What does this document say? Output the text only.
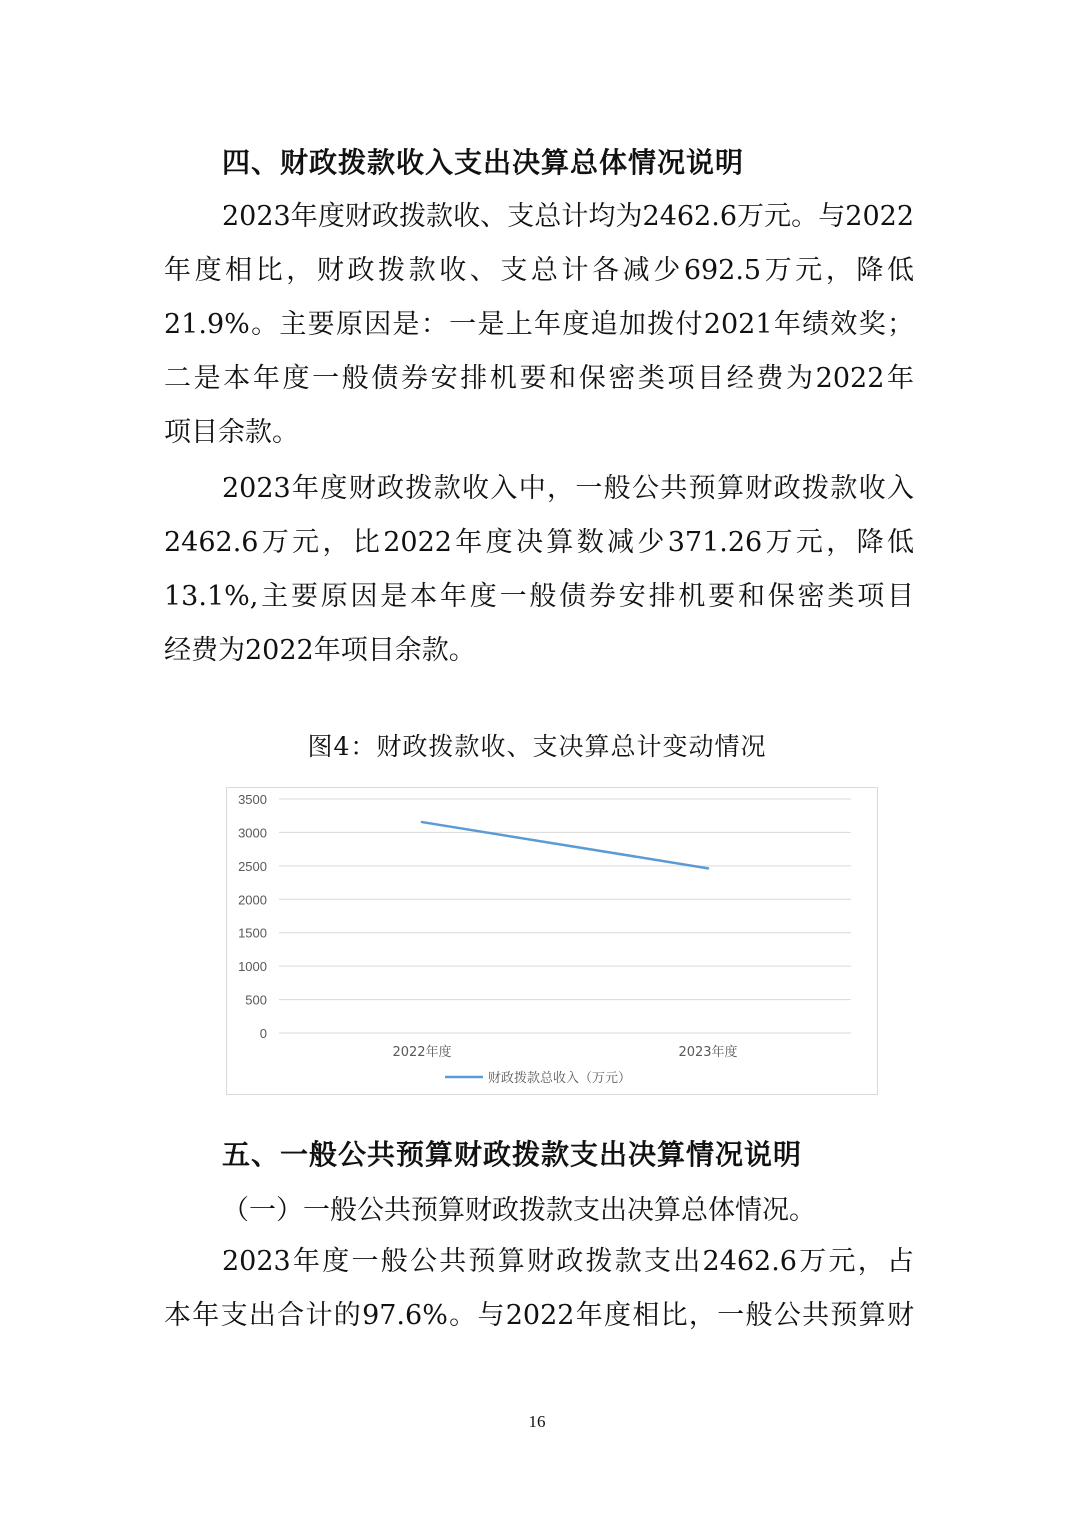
四、财政拨款收入支出决算总体情况说明
2023年度财政拨款收、支总计均为2462.6万元。与2022
年度相比，财政拨款收、支总计各减少692.5万元，降低
21.9%。主要原因是：一是上年度追加拨付2021年绩效奖；
二是本年度一般债券安排机要和保密类项目经费为2022年
项目余款。
2023年度财政拨款收入中，一般公共预算财政拨款收入
2462.6万元，比2022年度决算数减少371.26万元，降低
13.1%,主要原因是本年度一般债券安排机要和保密类项目
经费为2022年项目余款。
图4：财政拨款收、支决算总计变动情况
0
500
1000
1500
2000
2500
3000
3500
2022年度	2023年度
财政拨款总收入（万元）
五、一般公共预算财政拨款支出决算情况说明
（一）一般公共预算财政拨款支出决算总体情况。
2023年度一般公共预算财政拨款支出2462.6万元，占
本年支出合计的97.6%。与2022年度相比，一般公共预算财
16
